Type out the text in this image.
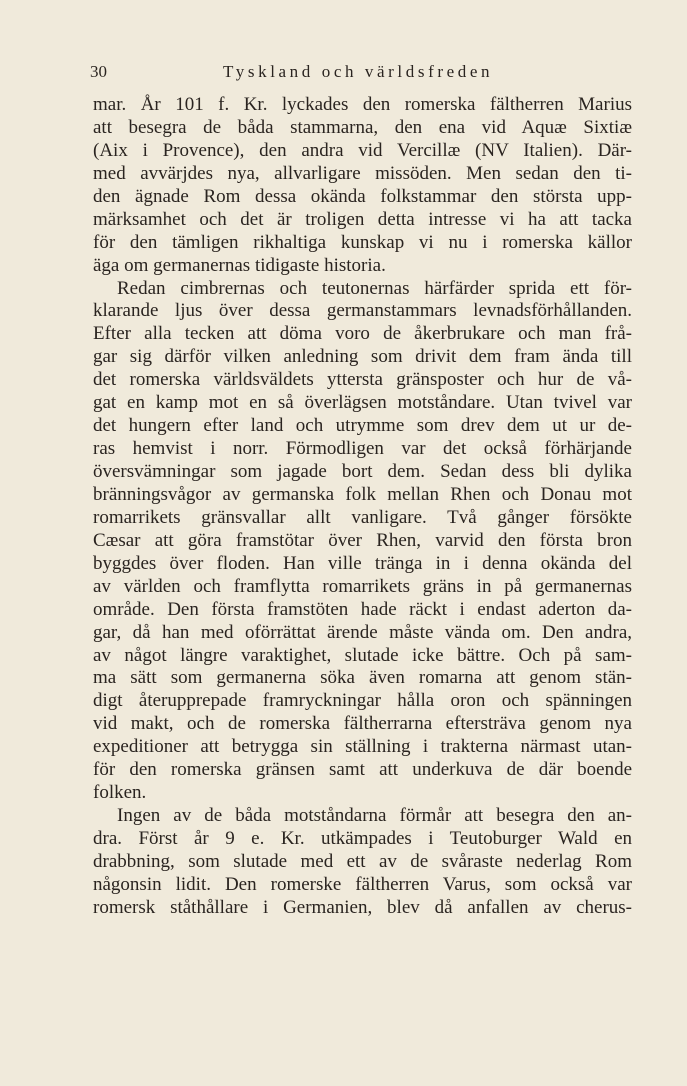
30	Tyskland och världsfreden
mar. År 101 f. Kr. lyckades den romerska fältherren Marius
att besegra de båda stammarna, den ena vid Aquæ Sixtiæ
(Aix i Provence), den andra vid Vercillæ (NV Italien). Där-
med avvärjdes nya, allvarligare missöden. Men sedan den ti-
den ägnade Rom dessa okända folkstammar den största upp-
märksamhet och det är troligen detta intresse vi ha att tacka
för den tämligen rikhaltiga kunskap vi nu i romerska källor
äga om germanernas tidigaste historia.
Redan cimbrernas och teutonernas härfärder sprida ett för-
klarande ljus över dessa germanstammars levnadsförhållanden.
Efter alla tecken att döma voro de åkerbrukare och man frå-
gar sig därför vilken anledning som drivit dem fram ända till
det romerska världsväldets yttersta gränsposter och hur de vå-
gat en kamp mot en så överlägsen motståndare. Utan tvivel var
det hungern efter land och utrymme som drev dem ut ur de-
ras hemvist i norr. Förmodligen var det också förhärjande
översvämningar som jagade bort dem. Sedan dess bli dylika
bränningsvågor av germanska folk mellan Rhen och Donau mot
romarrikets gränsvallar allt vanligare. Två gånger försökte
Cæsar att göra framstötar över Rhen, varvid den första bron
byggdes över floden. Han ville tränga in i denna okända del
av världen och framflytta romarrikets gräns in på germanernas
område. Den första framstöten hade räckt i endast aderton da-
gar, då han med oförrättat ärende måste vända om. Den andra,
av något längre varaktighet, slutade icke bättre. Och på sam-
ma sätt som germanerna söka även romarna att genom stän-
digt återupprepade framryckningar hålla oron och spänningen
vid makt, och de romerska fältherrarna eftersträva genom nya
expeditioner att betrygga sin ställning i trakterna närmast utan-
för den romerska gränsen samt att underkuva de där boende
folken.
Ingen av de båda motståndarna förmår att besegra den an-
dra. Först år 9 e. Kr. utkämpades i Teutoburger Wald en
drabbning, som slutade med ett av de svåraste nederlag Rom
någonsin lidit. Den romerske fältherren Varus, som också var
romersk ståthållare i Germanien, blev då anfallen av cherus-
